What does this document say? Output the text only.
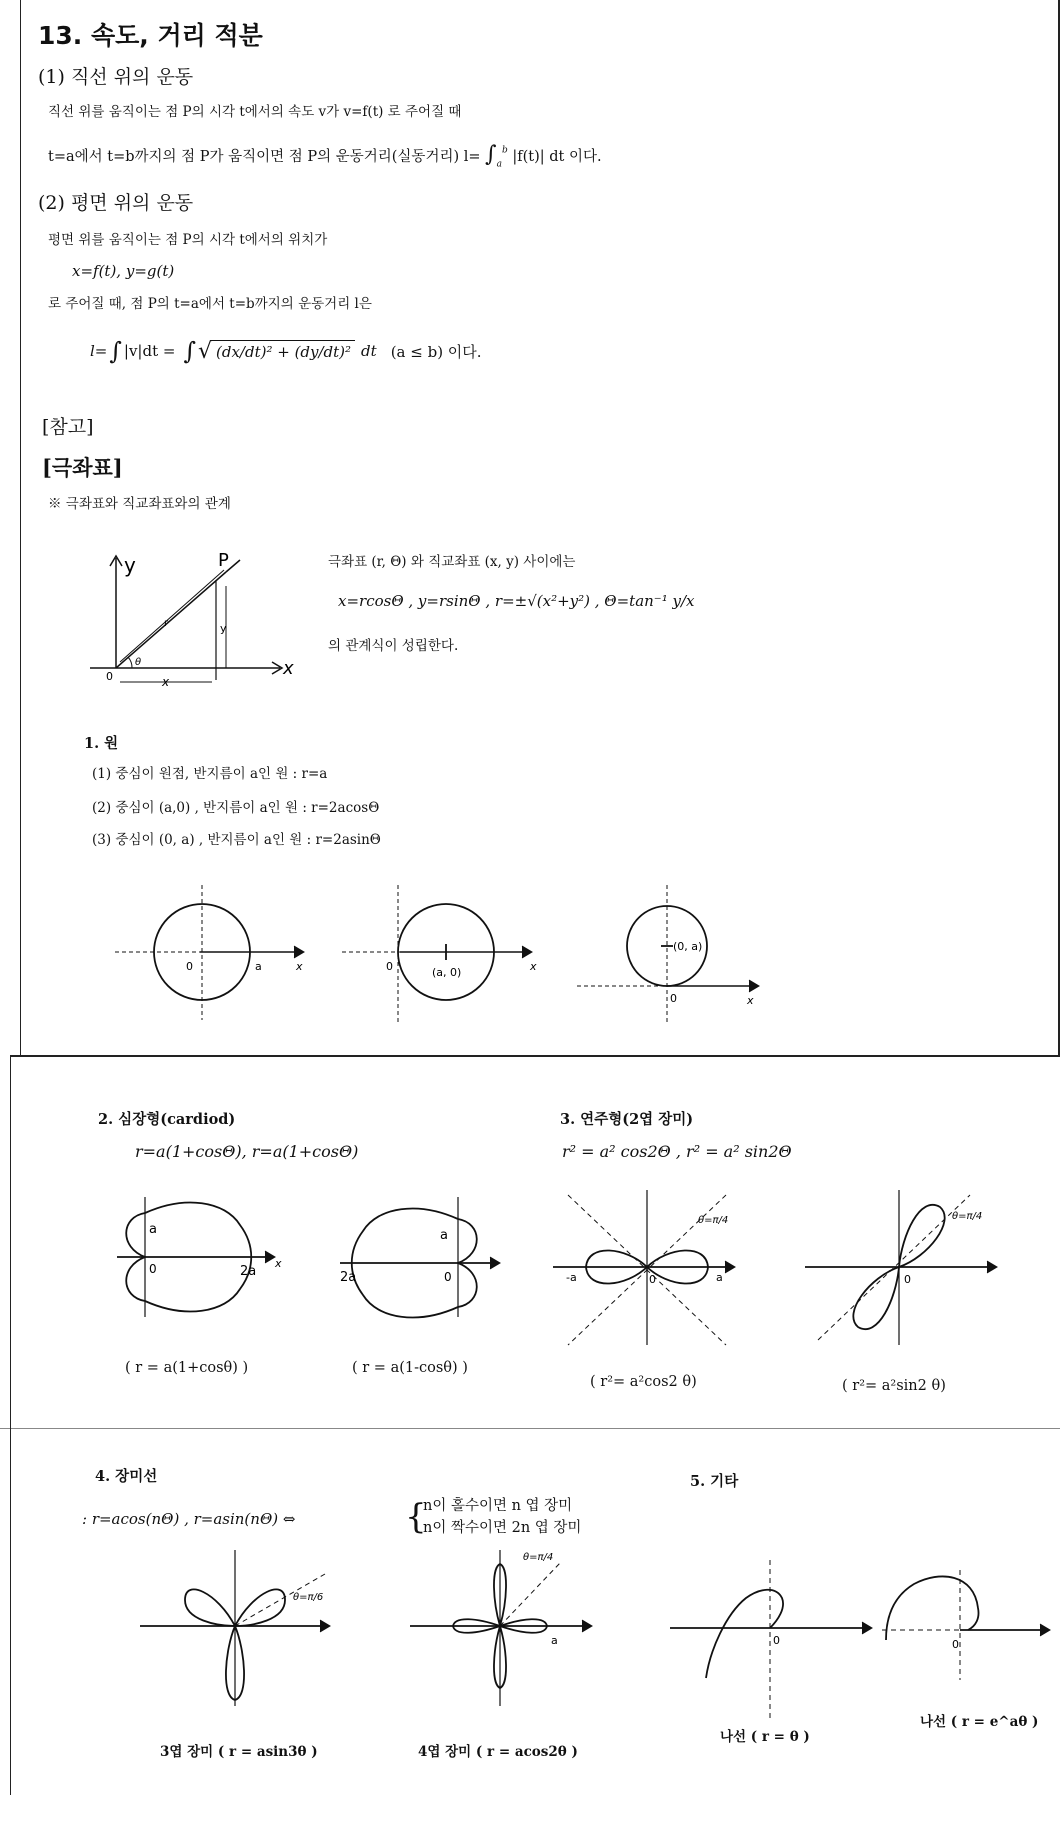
13. 속도, 거리 적분
(1) 직선 위의 운동
직선 위를 움직이는 점 P의 시각 t에서의 속도 v가 v=f(t) 로 주어질 때
t=a에서 t=b까지의 점 P가 움직이면 점 P의 운동거리(실동거리) $l= \int_a^b$ |f(t)| dt 이다.
(2) 평면 위의 운동
평면 위를 움직이는 점 P의 시각 t에서의 위치가
x=f(t), y=g(t)
로 주어질 때, 점 P의 t=a에서 t=b까지의 운동거리 l은
l= ∫ |v|dt = ∫ √ (dx/dt)² + (dy/dt)² dt (a ≤ b) 이다.
[참고]
[극좌표]
※ 극좌표와 직교좌표와의 관계
y
x
P
r
θ
0
y
x
극좌표 (r, Θ) 와 직교좌표 (x, y) 사이에는
x=rcosΘ , y=rsinΘ , r=±√(x²+y²) , Θ=tan⁻¹ y/x
의 관계식이 성립한다.
1. 원
(1) 중심이 원점, 반지름이 a인 원 : r=a
(2) 중심이 (a,0) , 반지름이 a인 원 : r=2acosΘ
(3) 중심이 (0, a) , 반지름이 a인 원 : r=2asinΘ
0	a	x	0	(a, 0)	x
0
(0, a)
x
2. 심장형(cardiod)
r=a(1+cosΘ), r=a(1+cosΘ)
a
0	2a
x
( r = a(1+cosθ) )
a
0
2a
( r = a(1-cosθ) )
3. 연주형(2엽 장미)
r² = a² cos2Θ , r² = a² sin2Θ
-a	a
0
θ=π/4
( r²= a²cos2 θ)
0
θ=π/4
( r²= a²sin2 θ)
4. 장미선
: r=acos(nΘ) , r=asin(nΘ) ⇔	{
n이 홀수이면 n 엽 장미
n이 짝수이면 2n 엽 장미
θ=π/6
3엽 장미 ( r = asin3θ )
θ=π/4
a
4엽 장미 ( r = acos2θ )
5. 기타
0
나선 ( r = θ )
0
나선 ( r = e^aθ )
